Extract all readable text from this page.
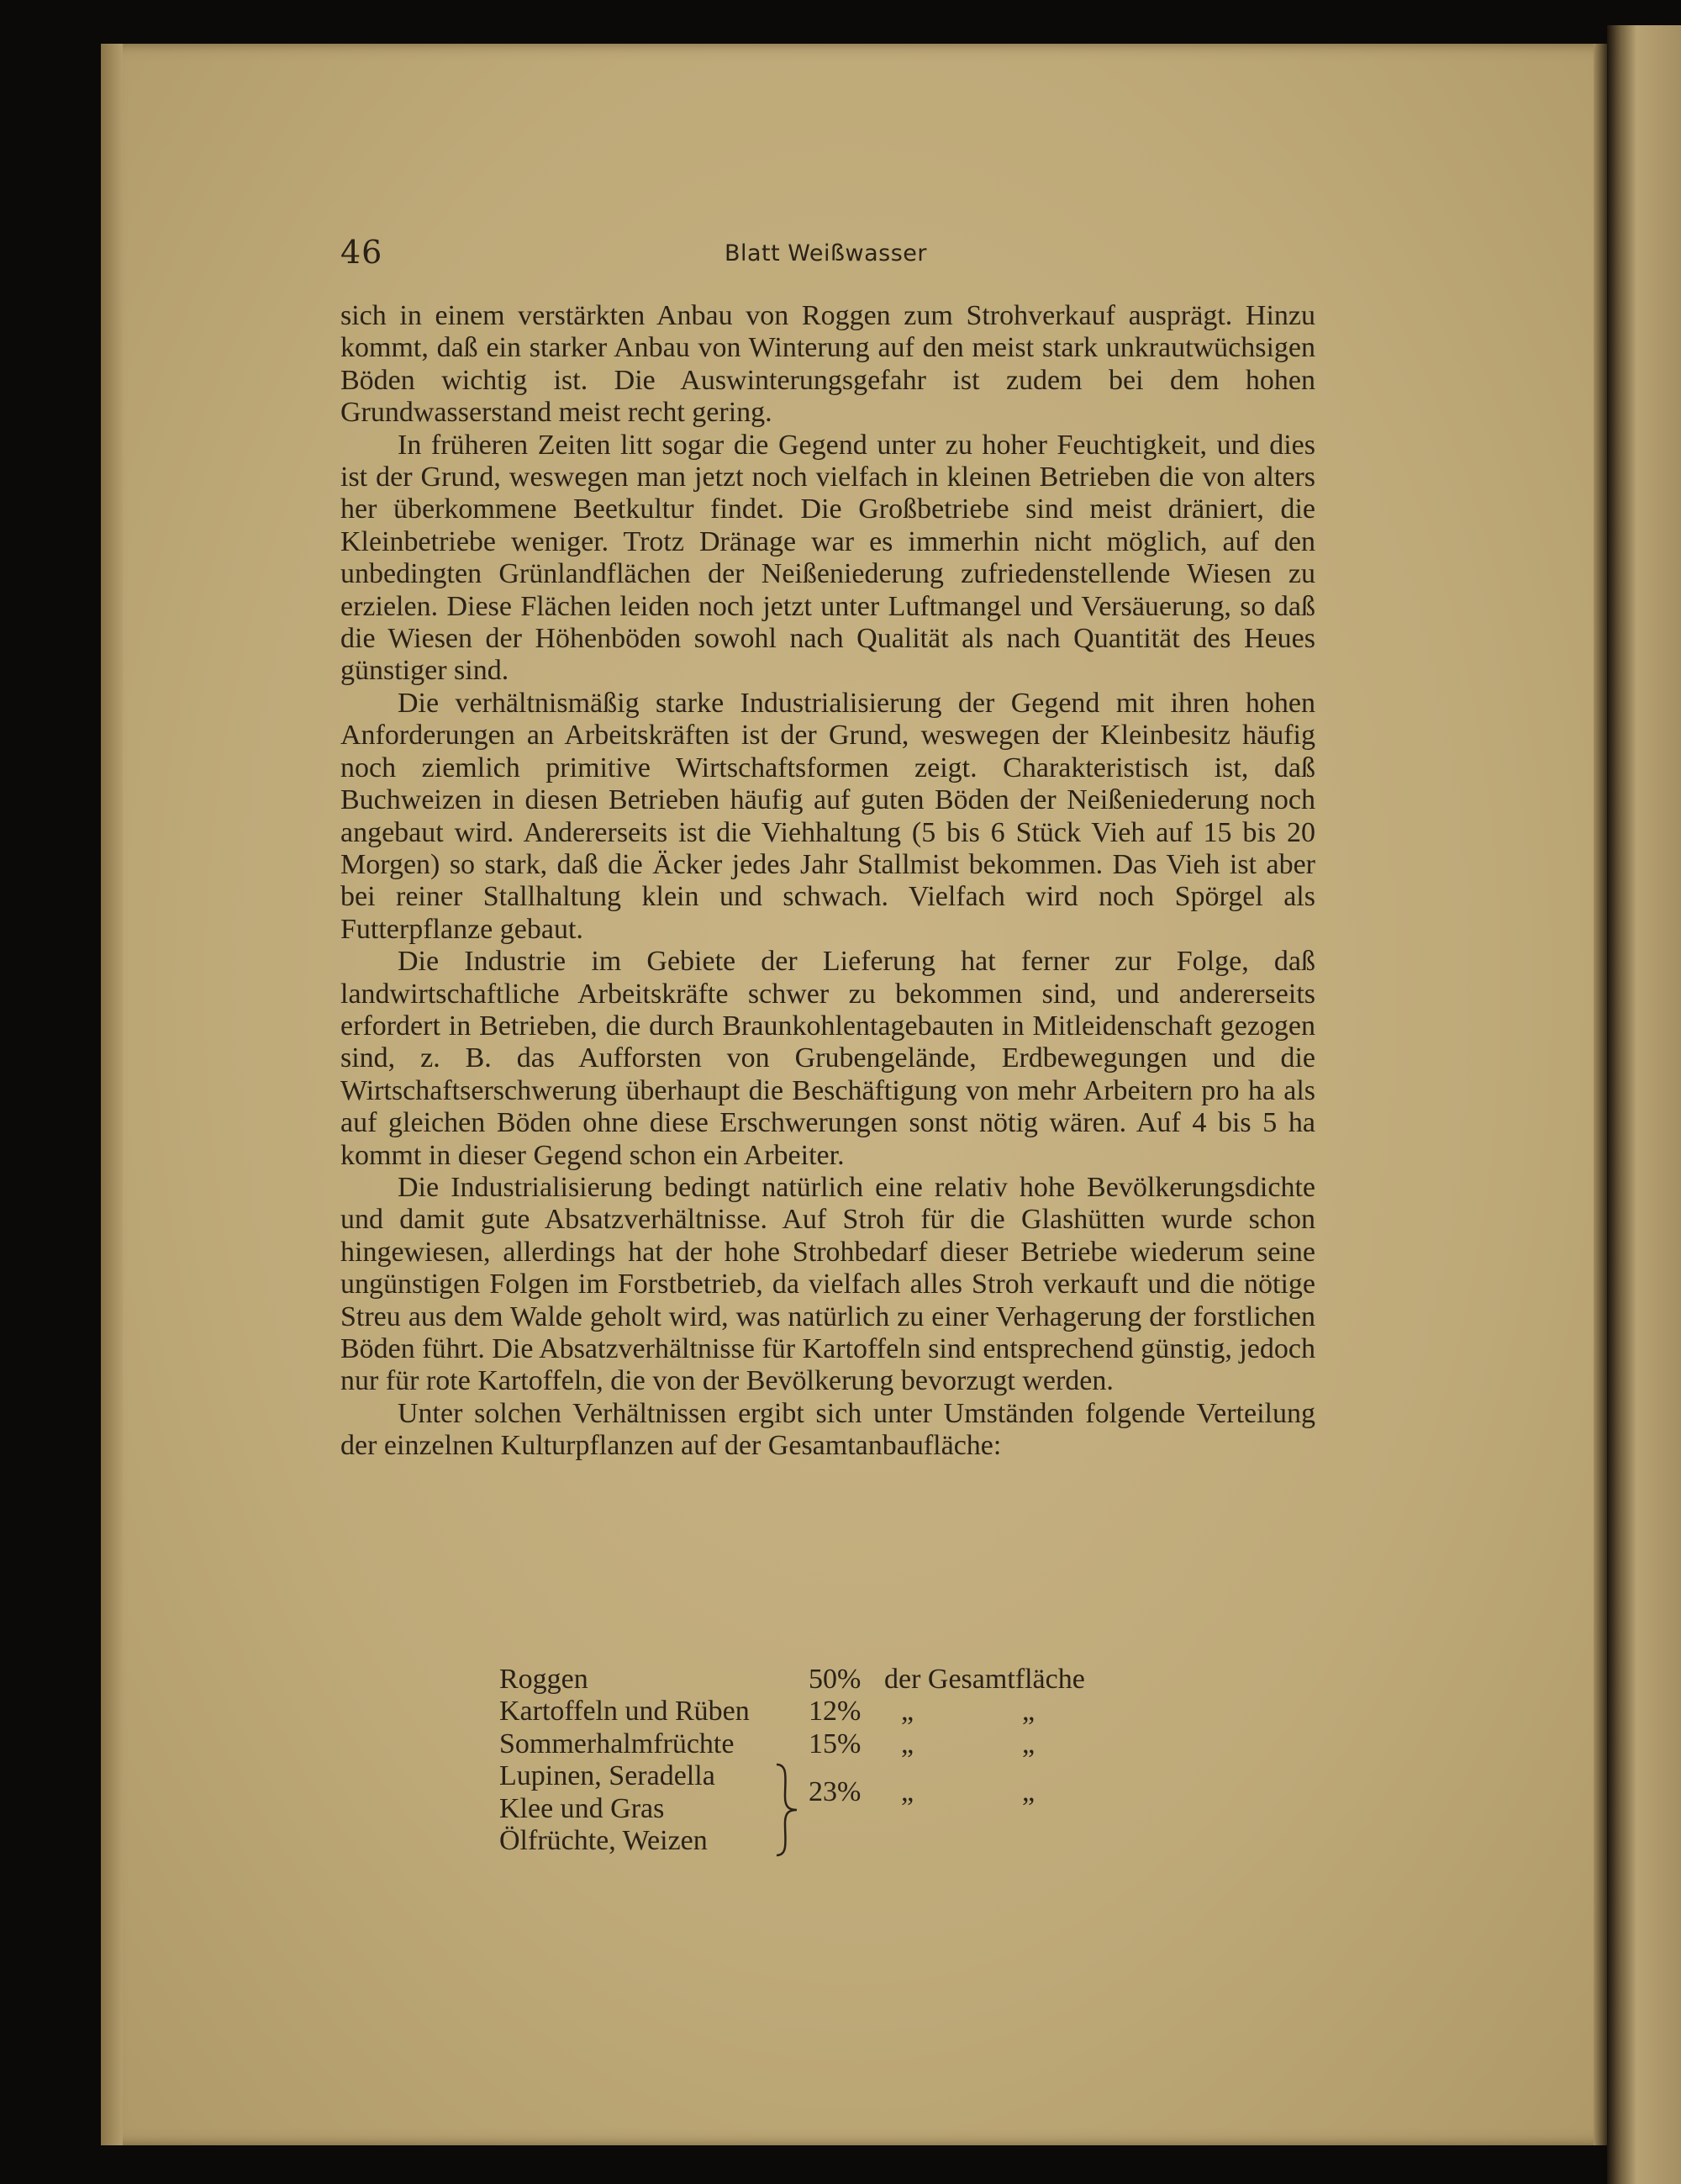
46	Blatt Weißwasser

sich in einem verstärkten Anbau von Roggen zum Strohverkauf ausprägt. Hinzu kommt, daß ein starker Anbau von Winterung auf den meist stark unkrautwüchsigen Böden wichtig ist. Die Auswinterungsgefahr ist zudem bei dem hohen Grundwasserstand meist recht gering.

In früheren Zeiten litt sogar die Gegend unter zu hoher Feuchtigkeit, und dies ist der Grund, weswegen man jetzt noch vielfach in kleinen Betrieben die von alters her überkommene Beetkultur findet. Die Großbetriebe sind meist dräniert, die Kleinbetriebe weniger. Trotz Dränage war es immerhin nicht möglich, auf den unbedingten Grünlandflächen der Neißeniederung zufriedenstellende Wiesen zu erzielen. Diese Flächen leiden noch jetzt unter Luftmangel und Versäuerung, so daß die Wiesen der Höhenböden sowohl nach Qualität als nach Quantität des Heues günstiger sind.

Die verhältnismäßig starke Industrialisierung der Gegend mit ihren hohen Anforderungen an Arbeitskräften ist der Grund, weswegen der Kleinbesitz häufig noch ziemlich primitive Wirtschaftsformen zeigt. Charakteristisch ist, daß Buchweizen in diesen Betrieben häufig auf guten Böden der Neißeniederung noch angebaut wird. Andererseits ist die Viehhaltung (5 bis 6 Stück Vieh auf 15 bis 20 Morgen) so stark, daß die Äcker jedes Jahr Stallmist bekommen. Das Vieh ist aber bei reiner Stallhaltung klein und schwach. Vielfach wird noch Spörgel als Futterpflanze gebaut.

Die Industrie im Gebiete der Lieferung hat ferner zur Folge, daß landwirtschaftliche Arbeitskräfte schwer zu bekommen sind, und andererseits erfordert in Betrieben, die durch Braunkohlentagebauten in Mitleidenschaft gezogen sind, z. B. das Aufforsten von Grubengelände, Erdbewegungen und die Wirtschaftserschwerung überhaupt die Beschäftigung von mehr Arbeitern pro ha als auf gleichen Böden ohne diese Erschwerungen sonst nötig wären. Auf 4 bis 5 ha kommt in dieser Gegend schon ein Arbeiter.

Die Industrialisierung bedingt natürlich eine relativ hohe Bevölkerungsdichte und damit gute Absatzverhältnisse. Auf Stroh für die Glashütten wurde schon hingewiesen, allerdings hat der hohe Strohbedarf dieser Betriebe wiederum seine ungünstigen Folgen im Forstbetrieb, da vielfach alles Stroh verkauft und die nötige Streu aus dem Walde geholt wird, was natürlich zu einer Verhagerung der forstlichen Böden führt. Die Absatzverhältnisse für Kartoffeln sind entsprechend günstig, jedoch nur für rote Kartoffeln, die von der Bevölkerung bevorzugt werden.

Unter solchen Verhältnissen ergibt sich unter Umständen folgende Verteilung der einzelnen Kulturpflanzen auf der Gesamtanbaufläche:

Roggen	50% der Gesamtfläche
Kartoffeln und Rüben 12% „	„
Sommerhalmfrüchte	15% „	„
Lupinen, Seradella
Klee und Gras
Ölfrüchte, Weizen
23% „	„
